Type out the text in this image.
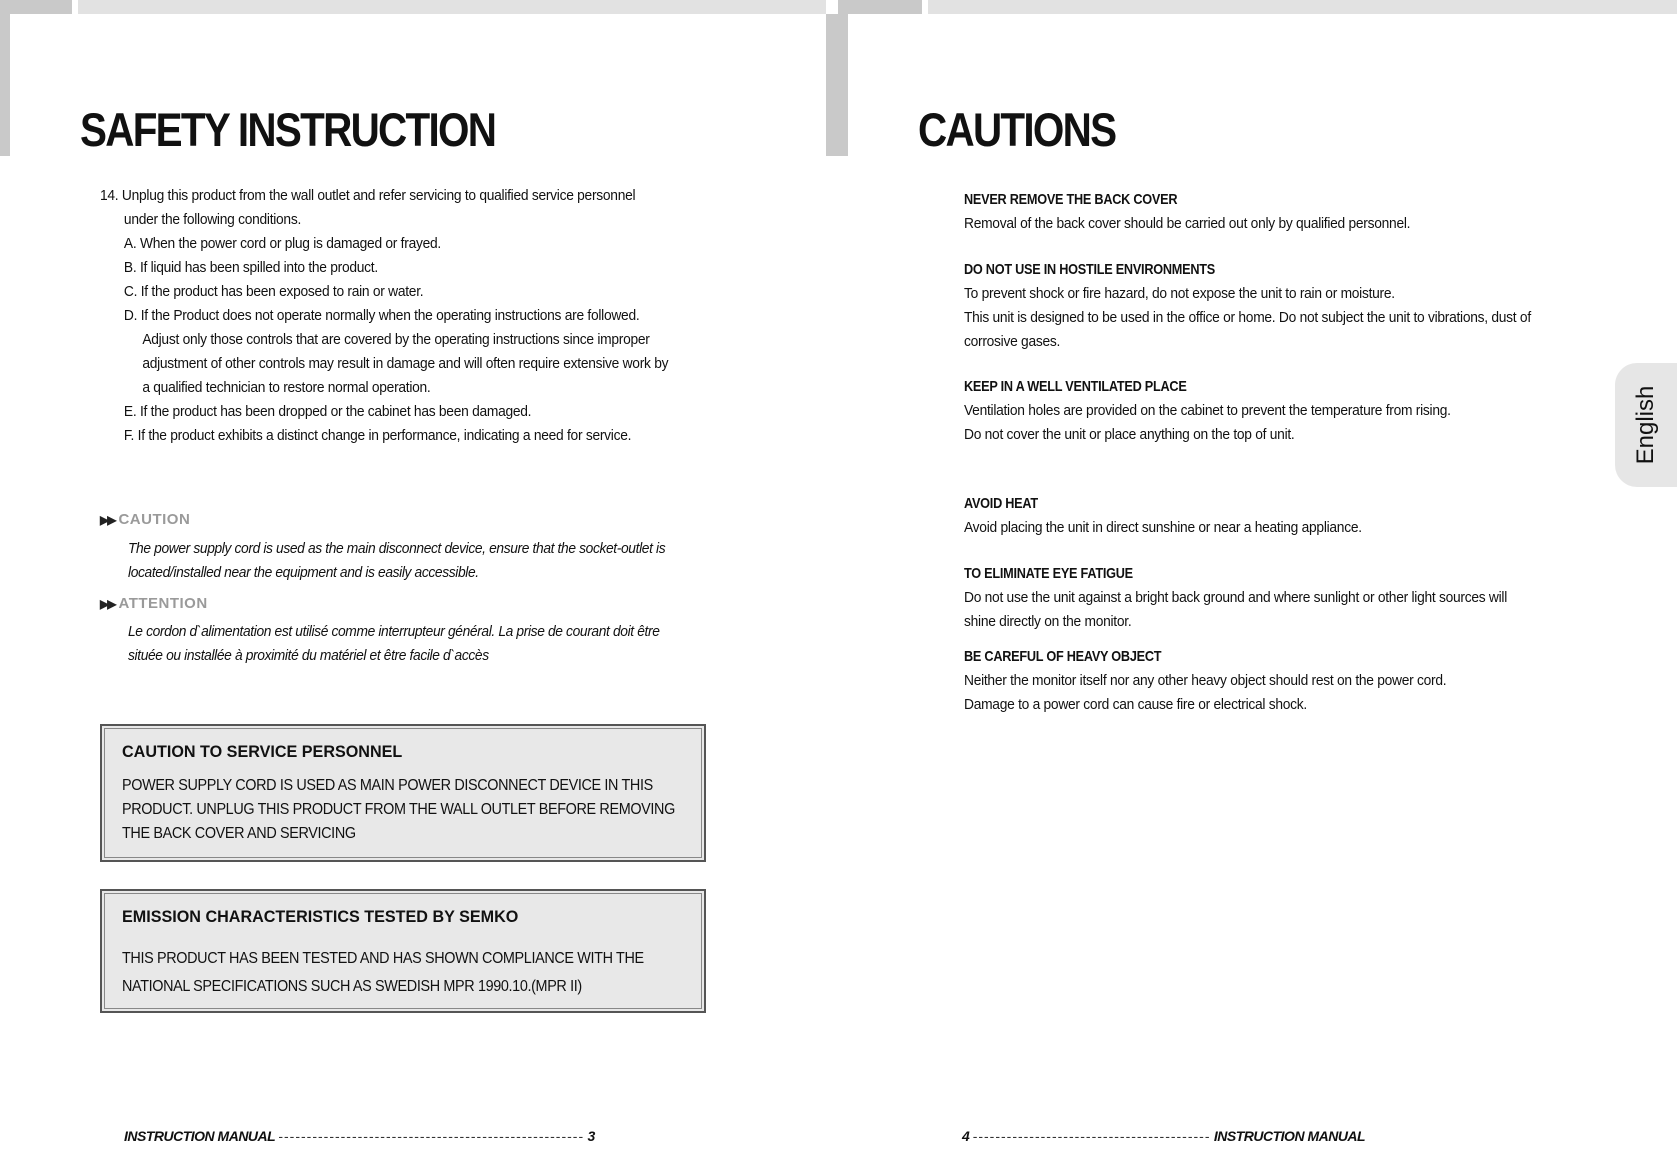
SAFETY INSTRUCTION

14. Unplug this product from the wall outlet and refer servicing to qualified service personnel under the following conditions.

A. When the power cord or plug is damaged or frayed.
B. If liquid has been spilled into the product.
C. If the product has been exposed to rain or water.
D. If the Product does not operate normally when the operating instructions are followed. Adjust only those controls that are covered by the operating instructions since improper adjustment of other controls may result in damage and will often require extensive work by a qualified technician to restore normal operation.
E. If the product has been dropped or the cabinet has been damaged.
F. If the product exhibits a distinct change in performance, indicating a need for service.
▶▶ CAUTION

The power supply cord is used as the main disconnect device, ensure that the socket-outlet is located/installed near the equipment and is easily accessible.

▶▶ ATTENTION

Le cordon d`alimentation est utilisé comme interrupteur général. La prise de courant doit être située ou installée à proximité du matériel et être facile d`accès

CAUTION TO SERVICE PERSONNEL

POWER SUPPLY CORD IS USED AS MAIN POWER DISCONNECT DEVICE IN THIS PRODUCT. UNPLUG THIS PRODUCT FROM THE WALL OUTLET BEFORE REMOVING THE BACK COVER AND SERVICING

EMISSION CHARACTERISTICS TESTED BY SEMKO

THIS PRODUCT HAS BEEN TESTED AND HAS SHOWN COMPLIANCE WITH THE NATIONAL SPECIFICATIONS SUCH AS SWEDISH MPR 1990.10.(MPR II)

INSTRUCTION MANUAL ------------------------------------------------------ 3
CAUTIONS

NEVER REMOVE THE BACK COVER

Removal of the back cover should be carried out only by qualified personnel.

DO NOT USE IN HOSTILE ENVIRONMENTS

To prevent shock or fire hazard, do not expose the unit to rain or moisture.

This unit is designed to be used in the office or home. Do not subject the unit to vibrations, dust of corrosive gases.

KEEP IN A WELL VENTILATED PLACE

Ventilation holes are provided on the cabinet to prevent the temperature from rising.

Do not cover the unit or place anything on the top of unit.

AVOID HEAT

Avoid placing the unit in direct sunshine or near a heating appliance.

TO ELIMINATE EYE FATIGUE

Do not use the unit against a bright back ground and where sunlight or other light sources will shine directly on the monitor.

BE CAREFUL OF HEAVY OBJECT

Neither the monitor itself nor any other heavy object should rest on the power cord.

Damage to a power cord can cause fire or electrical shock.

English
4 ------------------------------------------ INSTRUCTION MANUAL
